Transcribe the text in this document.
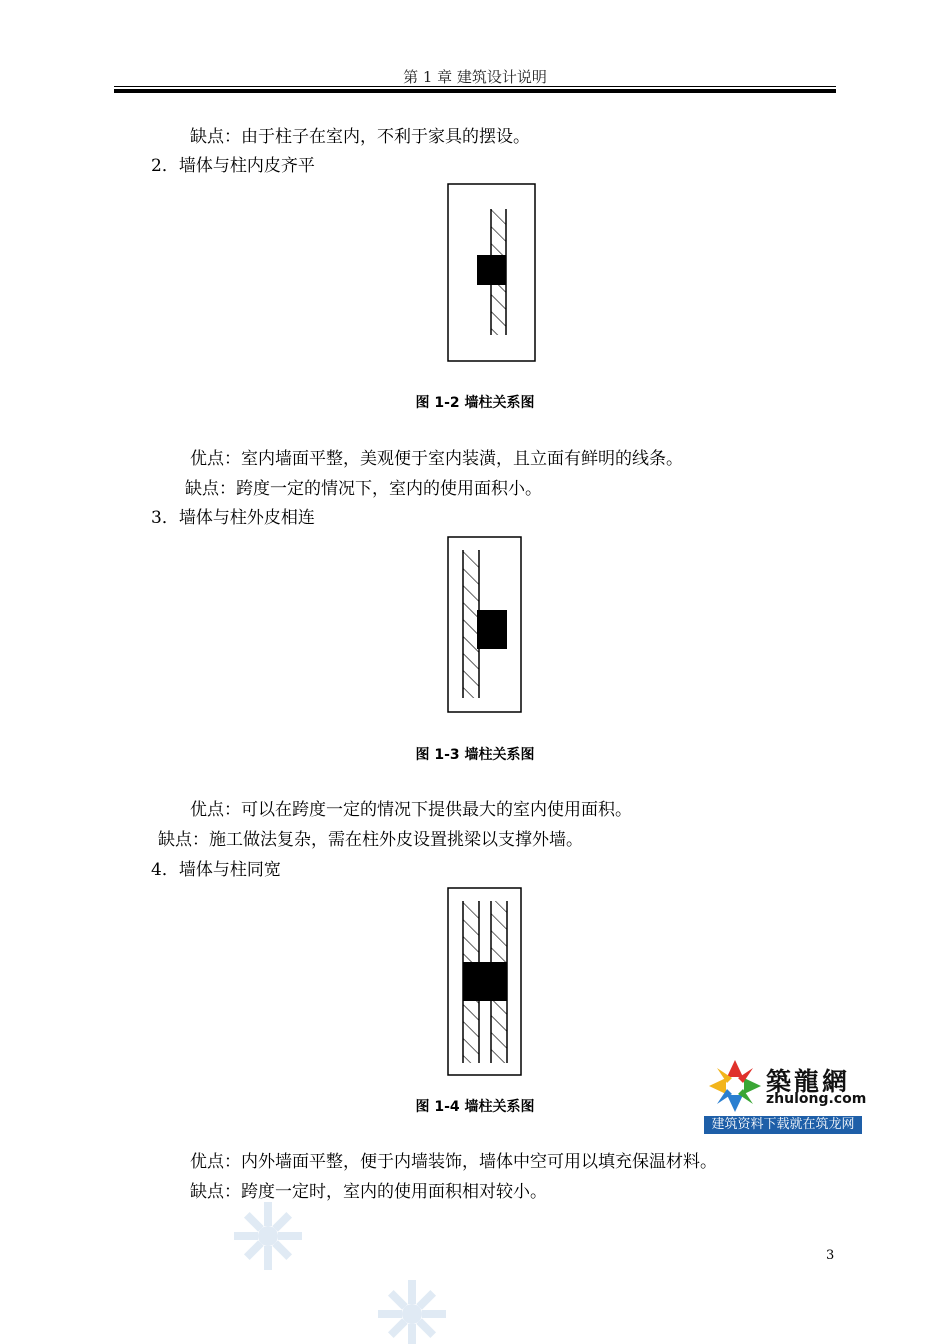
第 1 章 建筑设计说明
缺点：由于柱子在室内，不利于家具的摆设。
2．墙体与柱内皮齐平
图 1-2 墙柱关系图
优点：室内墙面平整，美观便于室内装潢，且立面有鲜明的线条。
缺点：跨度一定的情况下，室内的使用面积小。
3．墙体与柱外皮相连
图 1-3 墙柱关系图
优点：可以在跨度一定的情况下提供最大的室内使用面积。
缺点：施工做法复杂，需在柱外皮设置挑梁以支撑外墙。
4．墙体与柱同宽
築龍網
zhulong.com
建筑资料下载就在筑龙网
图 1-4 墙柱关系图
优点：内外墙面平整，便于内墙装饰，墙体中空可用以填充保温材料。
缺点：跨度一定时，室内的使用面积相对较小。
3
